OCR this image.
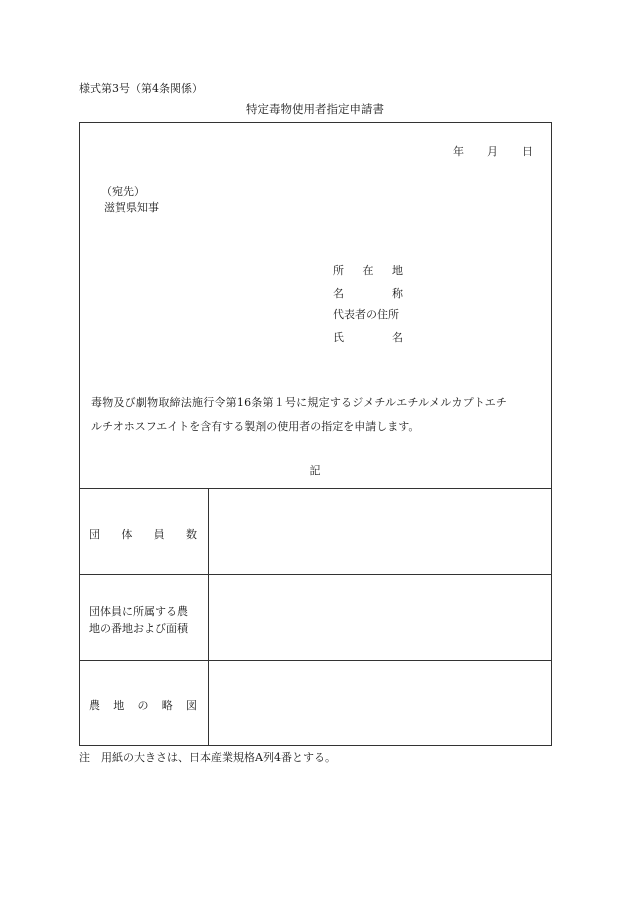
様式第3号（第4条関係）
特定毒物使用者指定申請書
年 月 日
（宛先）
滋賀県知事
所 在 地
名	称
代表者の住所
氏	名
毒物及び劇物取締法施行令第16条第１号に規定するジメチルエチルメルカプトエチ
ルチオホスフエイトを含有する製剤の使用者の指定を申請します。
記
団 体 員 数
団体員に所属する農
地の番地および面積
農 地 の 略 図
注　用紙の大きさは、日本産業規格A列4番とする。
